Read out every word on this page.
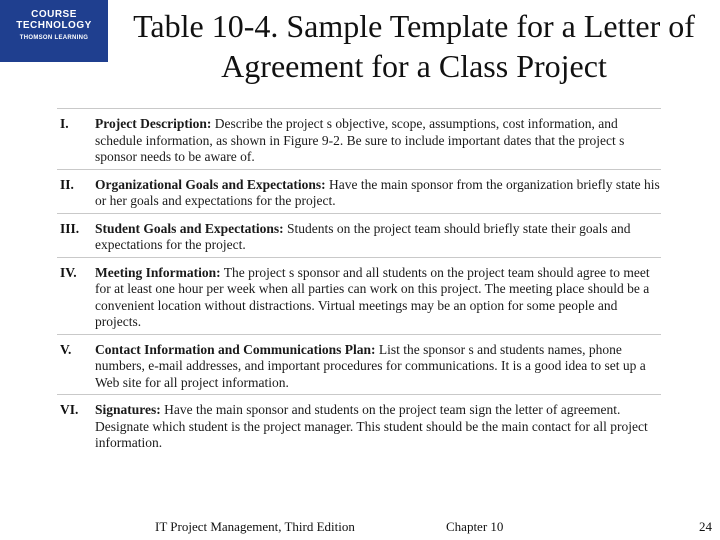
COURSE TECHNOLOGY
THOMSON LEARNING	Table 10-4. Sample Template for a Letter of Agreement for a Class Project
I.	Project Description: Describe the project s objective, scope, assumptions, cost information, and schedule information, as shown in Figure 9-2. Be sure to include important dates that the project s sponsor needs to be aware of.
II.	Organizational Goals and Expectations: Have the main sponsor from the organization briefly state his or her goals and expectations for the project.
III.	Student Goals and Expectations: Students on the project team should briefly state their goals and expectations for the project.
IV.	Meeting Information: The project s sponsor and all students on the project team should agree to meet for at least one hour per week when all parties can work on this project. The meeting place should be a convenient location without distractions. Virtual meetings may be an option for some people and projects.
V.	Contact Information and Communications Plan: List the sponsor s and students names, phone numbers, e-mail addresses, and important procedures for communications. It is a good idea to set up a Web site for all project information.
VI.	Signatures: Have the main sponsor and students on the project team sign the letter of agreement. Designate which student is the project manager. This student should be the main contact for all project information.
IT Project Management, Third Edition	Chapter 10	24
